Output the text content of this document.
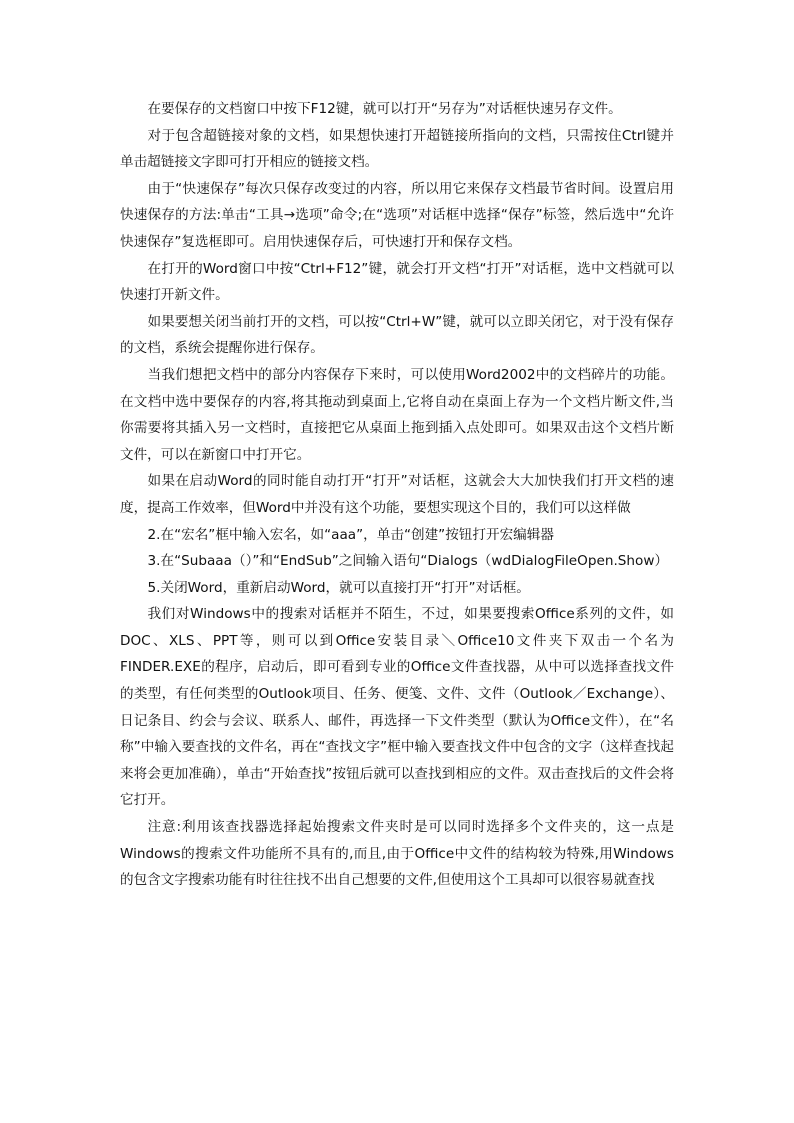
在要保存的文档窗口中按下F12键，就可以打开“另存为”对话框快速另存文件。

对于包含超链接对象的文档，如果想快速打开超链接所指向的文档，只需按住Ctrl键并单击超链接文字即可打开相应的链接文档。

由于“快速保存”每次只保存改变过的内容，所以用它来保存文档最节省时间。设置启用快速保存的方法:单击“工具→选项”命令;在“选项”对话框中选择“保存”标签，然后选中“允许快速保存”复选框即可。启用快速保存后，可快速打开和保存文档。

在打开的Word窗口中按“Ctrl+F12”键，就会打开文档“打开”对话框，选中文档就可以快速打开新文件。

如果要想关闭当前打开的文档，可以按“Ctrl+W”键，就可以立即关闭它，对于没有保存的文档，系统会提醒你进行保存。

当我们想把文档中的部分内容保存下来时，可以使用Word2002中的文档碎片的功能。在文档中选中要保存的内容,将其拖动到桌面上,它将自动在桌面上存为一个文档片断文件,当你需要将其插入另一文档时，直接把它从桌面上拖到插入点处即可。如果双击这个文档片断文件，可以在新窗口中打开它。

如果在启动Word的同时能自动打开“打开”对话框，这就会大大加快我们打开文档的速度，提高工作效率，但Word中并没有这个功能，要想实现这个目的，我们可以这样做

2.在“宏名”框中输入宏名，如“aaa”，单击“创建”按钮打开宏编辑器

3.在“Subaaa（）”和“EndSub”之间输入语句“Dialogs（wdDialogFileOpen.Show）

5.关闭Word，重新启动Word，就可以直接打开“打开”对话框。

我们对Windows中的搜索对话框并不陌生，不过，如果要搜索Office系列的文件，如DOC、XLS、PPT等，则可以到Office安装目录＼Office10文件夹下双击一个名为FINDER.EXE的程序，启动后，即可看到专业的Office文件查找器，从中可以选择查找文件的类型，有任何类型的Outlook项目、任务、便笺、文件、文件（Outlook／Exchange）、日记条目、约会与会议、联系人、邮件，再选择一下文件类型（默认为Office文件），在“名称”中输入要查找的文件名，再在“查找文字”框中输入要查找文件中包含的文字（这样查找起来将会更加准确），单击“开始查找”按钮后就可以查找到相应的文件。双击查找后的文件会将它打开。

注意:利用该查找器选择起始搜索文件夹时是可以同时选择多个文件夹的，这一点是Windows的搜索文件功能所不具有的,而且,由于Office中文件的结构较为特殊,用Windows的包含文字搜索功能有时往往找不出自己想要的文件,但使用这个工具却可以很容易就查找
